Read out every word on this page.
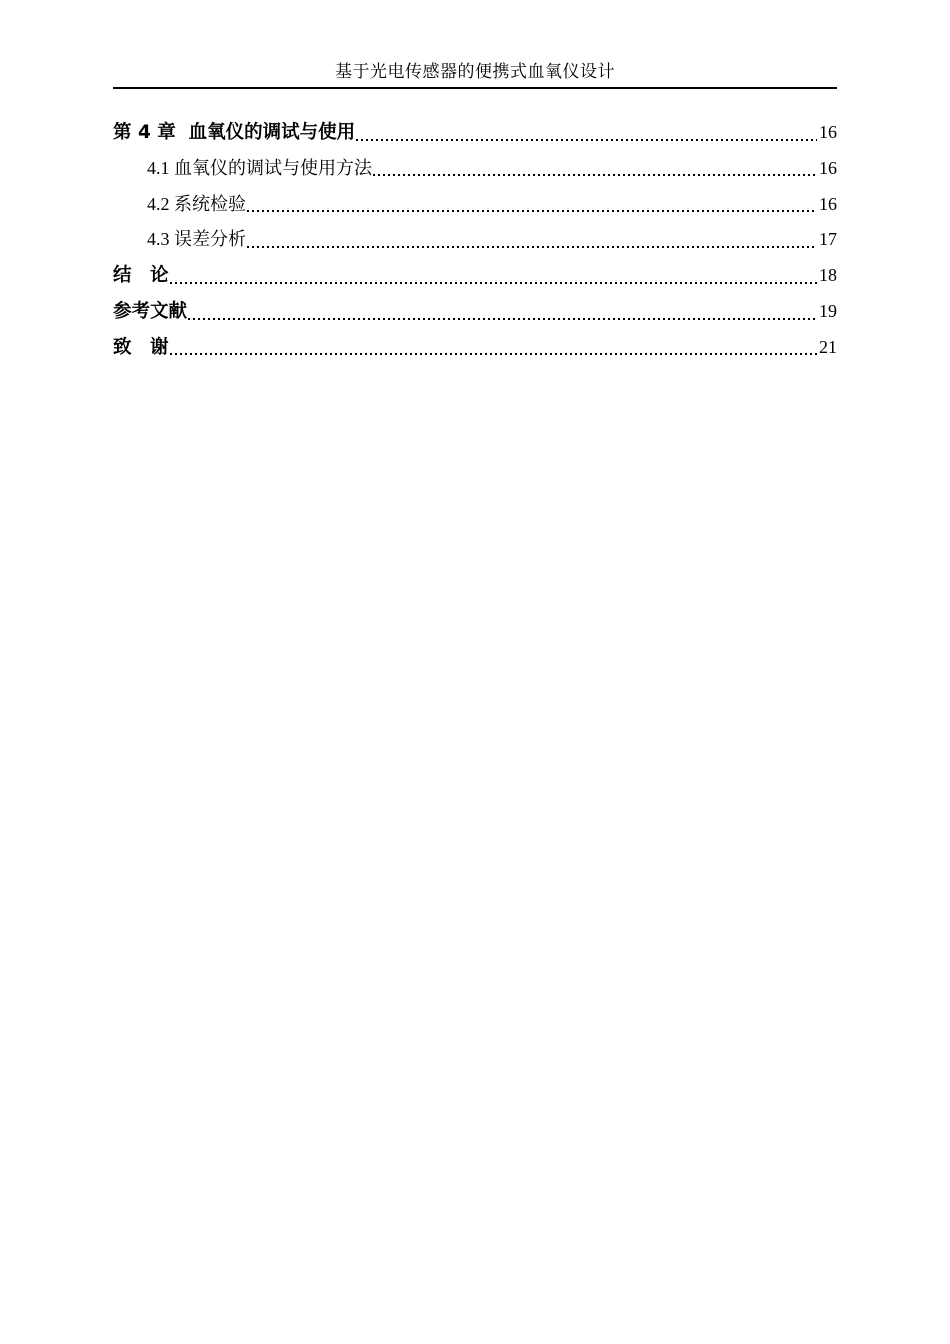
基于光电传感器的便携式血氧仪设计
第 4 章  血氧仪的调试与使用	16
4.1 血氧仪的调试与使用方法	16
4.2 系统检验	16
4.3 误差分析	17
结　论	18
参考文献	19
致　谢	21
